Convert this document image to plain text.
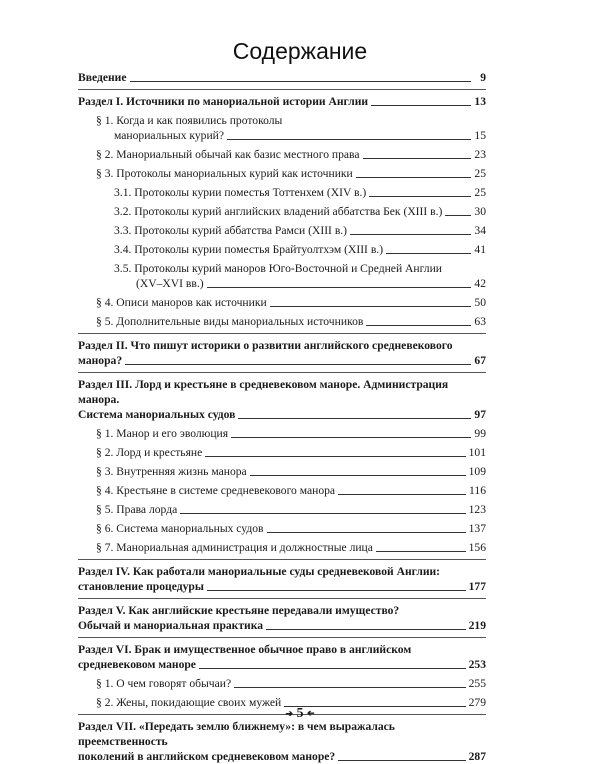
Содержание
Введение	9
Раздел I. Источники по манориальной истории Англии	13
§ 1. Когда и как появились протоколы
манориальных курий?	15
§ 2. Манориальный обычай как базис местного права	23
§ 3. Протоколы манориальных курий как источники	25
3.1. Протоколы курии поместья Тоттенхем (XIV в.)	25
3.2. Протоколы курий английских владений аббатства Бек (XIII в.)	30
3.3. Протоколы курий аббатства Рамси (XIII в.)	34
3.4. Протоколы курии поместья Брайтуолтхэм (XIII в.)	41
3.5. Протоколы курий маноров Юго-Восточной и Средней Англии
(XV–XVI вв.)	42
§ 4. Описи маноров как источники	50
§ 5. Дополнительные виды манориальных источников	63
Раздел II. Что пишут историки о развитии английского средневекового
манора?	67
Раздел III. Лорд и крестьяне в средневековом маноре. Администрация манора.
Система манориальных судов	97
§ 1. Манор и его эволюция	99
§ 2. Лорд и крестьяне	101
§ 3. Внутренняя жизнь манора	109
§ 4. Крестьяне в системе средневекового манора	116
§ 5. Права лорда	123
§ 6. Система манориальных судов	137
§ 7. Манориальная администрация и должностные лица	156
Раздел IV. Как работали манориальные суды средневековой Англии:
становление процедуры	177
Раздел V. Как английские крестьяне передавали имущество?
Обычай и манориальная практика	219
Раздел VI. Брак и имущественное обычное право в английском
средневековом маноре	253
§ 1. О чем говорят обычаи?	255
§ 2. Жены, покидающие своих мужей	279
Раздел VII. «Передать землю ближнему»: в чем выражалась преемственность
поколений в английском средневековом маноре?	287
➔ 5 ➔
